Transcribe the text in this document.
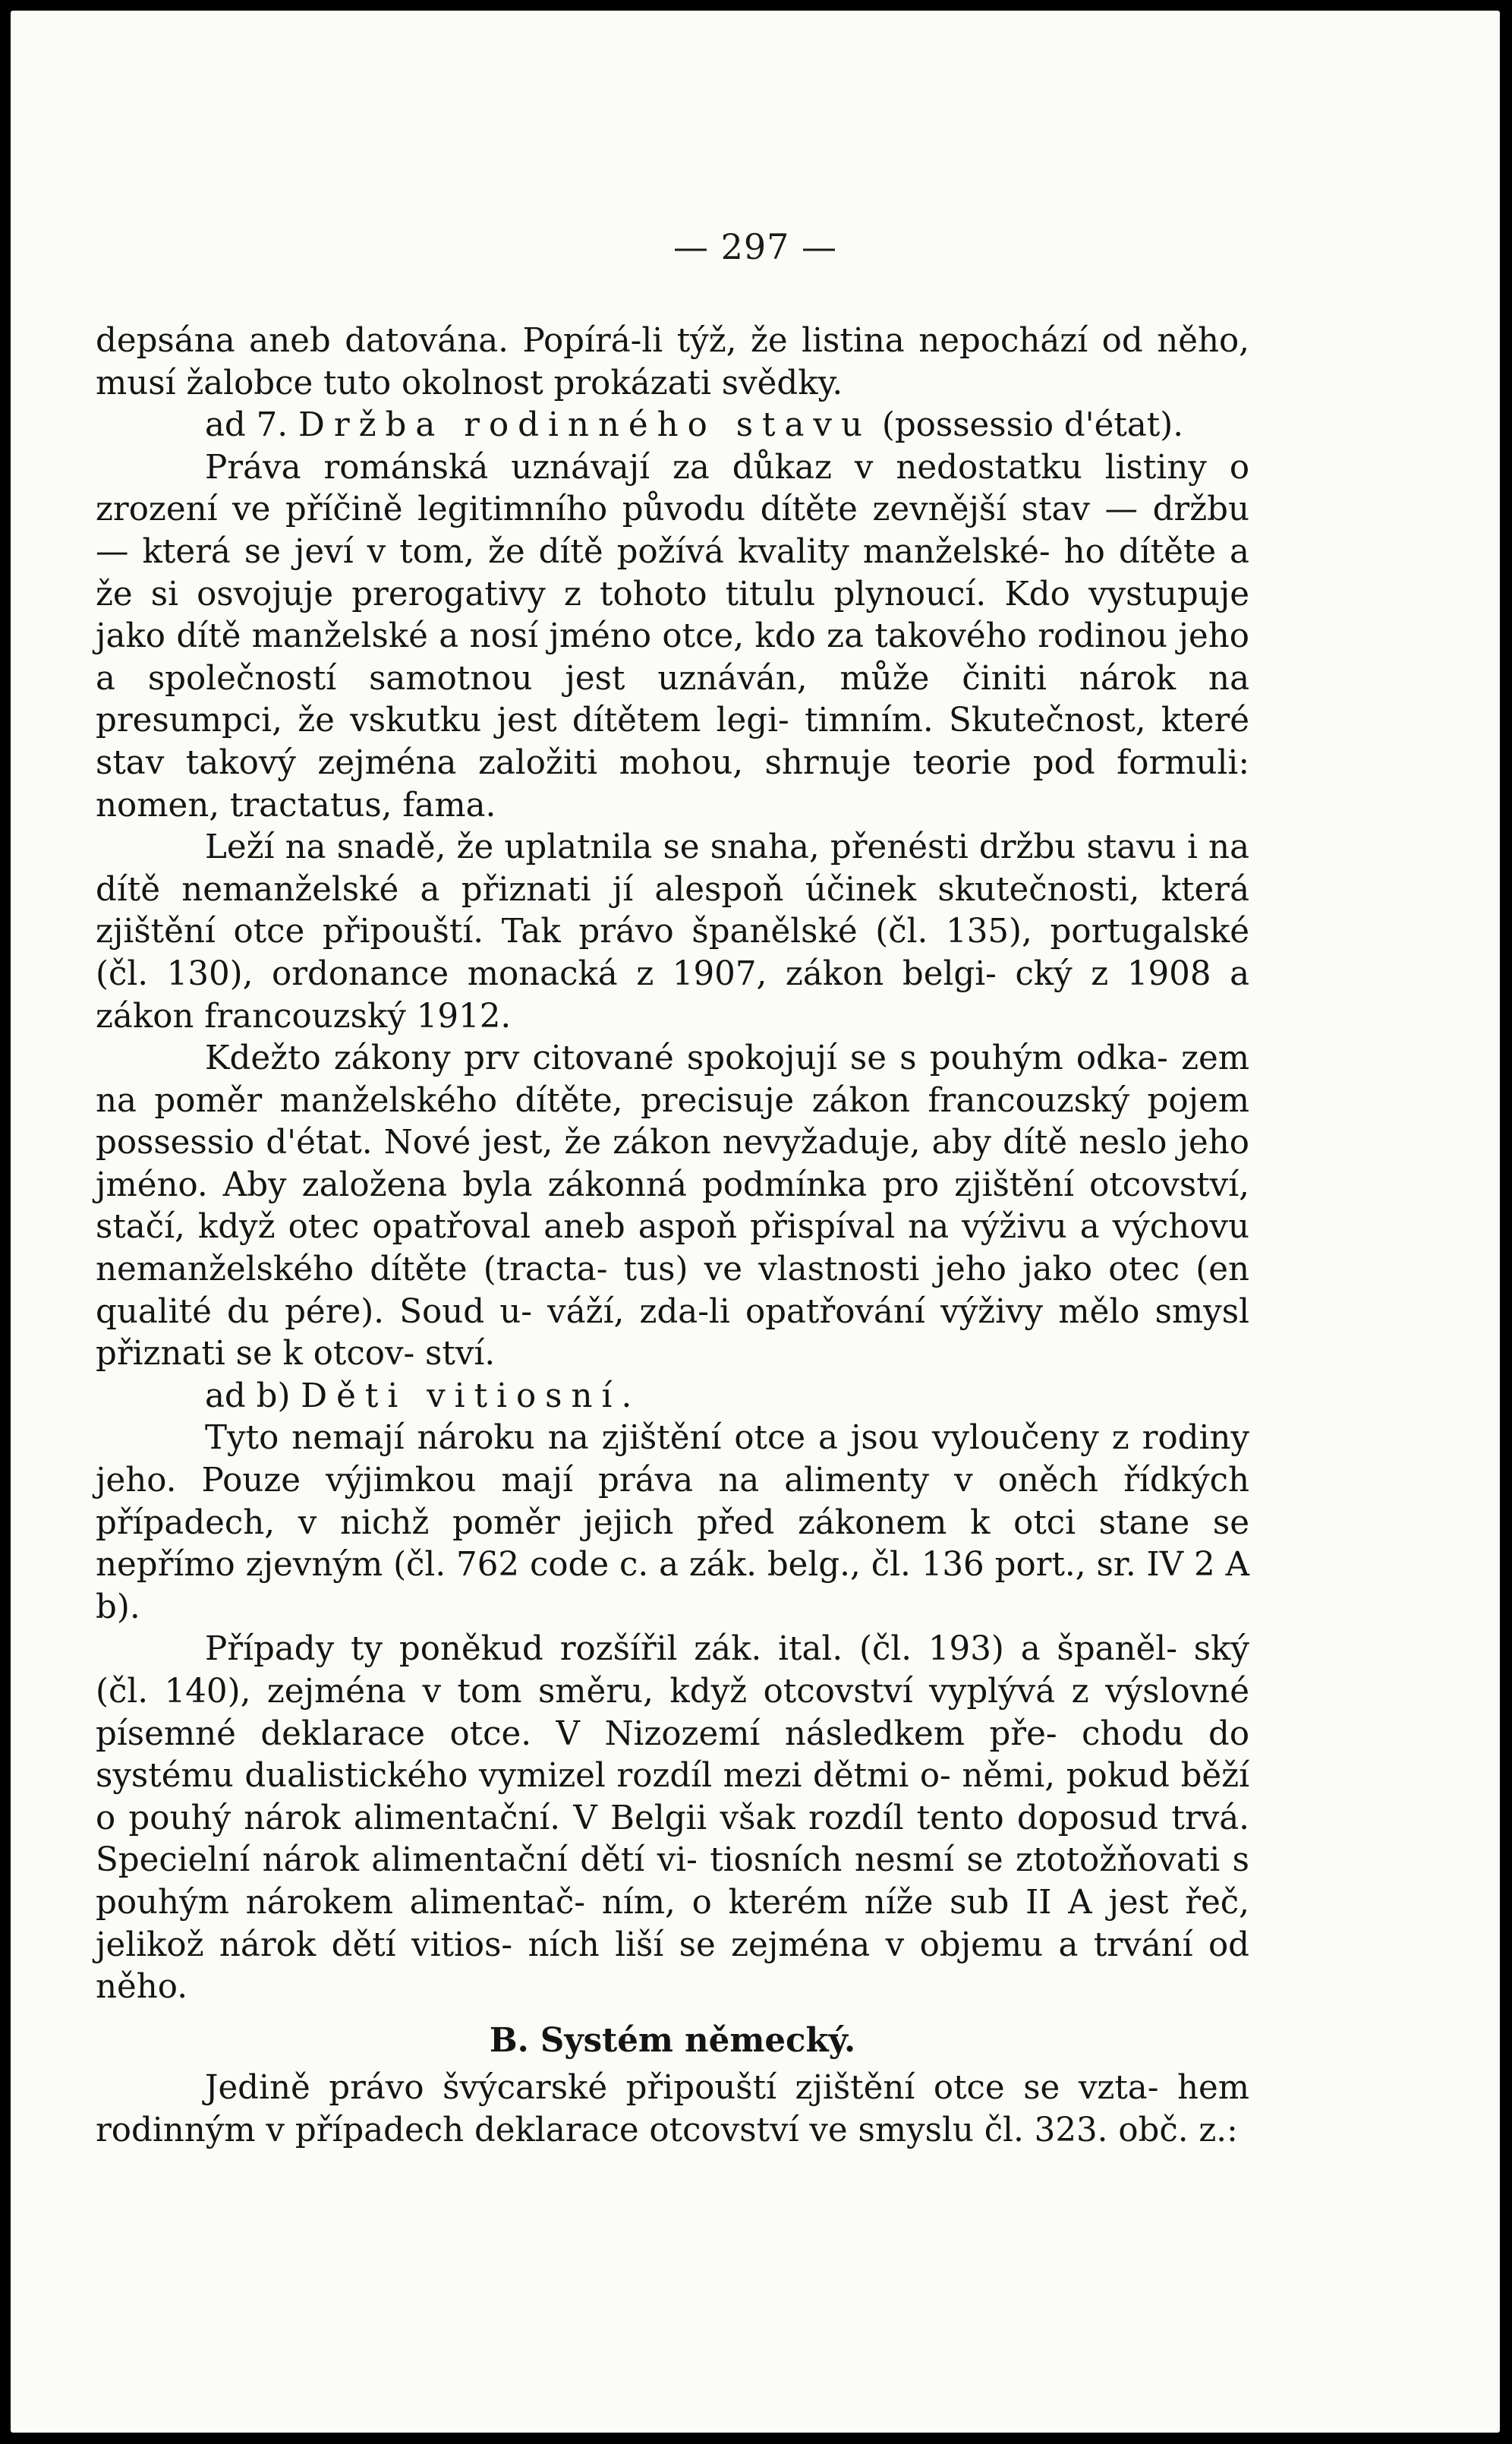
— 297 —

depsána aneb datována. Popírá-li týž, že listina nepochází od něho, musí žalobce tuto okolnost prokázati svědky.

ad 7. Držba rodinného stavu (possessio d'état).

Práva románská uznávají za důkaz v nedostatku listiny o zrození ve příčině legitimního původu dítěte zevnější stav — držbu — která se jeví v tom, že dítě požívá kvality manželské- ho dítěte a že si osvojuje prerogativy z tohoto titulu plynoucí. Kdo vystupuje jako dítě manželské a nosí jméno otce, kdo za takového rodinou jeho a společností samotnou jest uznáván, může činiti nárok na presumpci, že vskutku jest dítětem legi- timním. Skutečnost, které stav takový zejména založiti mohou, shrnuje teorie pod formuli: nomen, tractatus, fama.

Leží na snadě, že uplatnila se snaha, přenésti držbu stavu i na dítě nemanželské a přiznati jí alespoň účinek skutečnosti, která zjištění otce připouští. Tak právo španělské (čl. 135), portugalské (čl. 130), ordonance monacká z 1907, zákon belgi- cký z 1908 a zákon francouzský 1912.

Kdežto zákony prv citované spokojují se s pouhým odka- zem na poměr manželského dítěte, precisuje zákon francouzský pojem possessio d'état. Nové jest, že zákon nevyžaduje, aby dítě neslo jeho jméno. Aby založena byla zákonná podmínka pro zjištění otcovství, stačí, když otec opatřoval aneb aspoň přispíval na výživu a výchovu nemanželského dítěte (tracta- tus) ve vlastnosti jeho jako otec (en qualité du pére). Soud u- váží, zda-li opatřování výživy mělo smysl přiznati se k otcov- ství.

ad b) Děti vitiosní.

Tyto nemají nároku na zjištění otce a jsou vyloučeny z rodiny jeho. Pouze výjimkou mají práva na alimenty v oněch řídkých případech, v nichž poměr jejich před zákonem k otci stane se nepřímo zjevným (čl. 762 code c. a zák. belg., čl. 136 port., sr. IV 2 A b).

Případy ty poněkud rozšířil zák. ital. (čl. 193) a španěl- ský (čl. 140), zejména v tom směru, když otcovství vyplývá z výslovné písemné deklarace otce. V Nizozemí následkem pře- chodu do systému dualistického vymizel rozdíl mezi dětmi o- němi, pokud běží o pouhý nárok alimentační. V Belgii však rozdíl tento doposud trvá. Specielní nárok alimentační dětí vi- tiosních nesmí se ztotožňovati s pouhým nárokem alimentač- ním, o kterém níže sub II A jest řeč, jelikož nárok dětí vitios- ních liší se zejména v objemu a trvání od něho.

B. Systém německý.

Jedině právo švýcarské připouští zjištění otce se vzta- hem rodinným v případech deklarace otcovství ve smyslu čl. 323. obč. z.:
